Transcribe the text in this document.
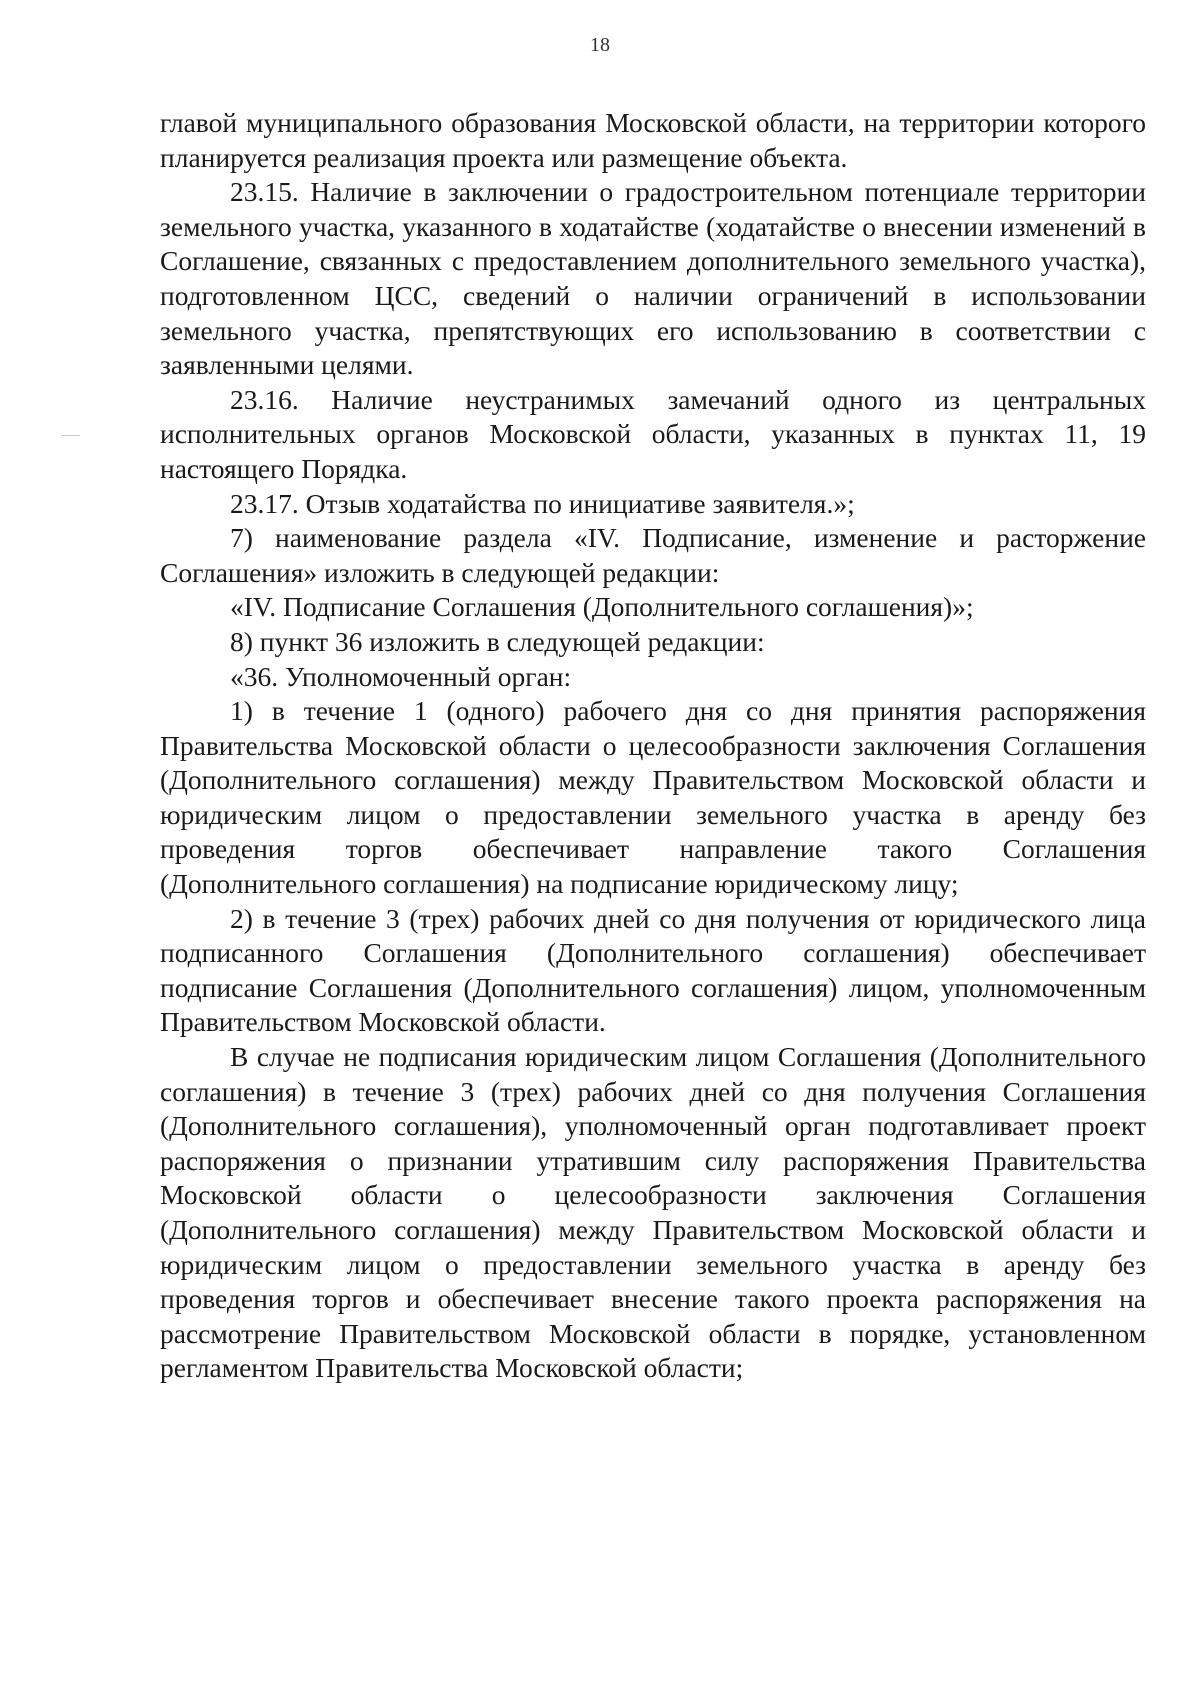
18

главой муниципального образования Московской области, на территории которого планируется реализация проекта или размещение объекта.

23.15. Наличие в заключении о градостроительном потенциале территории земельного участка, указанного в ходатайстве (ходатайстве о внесении изменений в Соглашение, связанных с предоставлением дополнительного земельного участка), подготовленном ЦСС, сведений о наличии ограничений в использовании земельного участка, препятствующих его использованию в соответствии с заявленными целями.

23.16. Наличие неустранимых замечаний одного из центральных исполнительных органов Московской области, указанных в пунктах 11, 19 настоящего Порядка.

23.17. Отзыв ходатайства по инициативе заявителя.»;

7) наименование раздела «IV. Подписание, изменение и расторжение Соглашения» изложить в следующей редакции:

«IV. Подписание Соглашения (Дополнительного соглашения)»;

8) пункт 36 изложить в следующей редакции:

«36. Уполномоченный орган:

1) в течение 1 (одного) рабочего дня со дня принятия распоряжения Правительства Московской области о целесообразности заключения Соглашения (Дополнительного соглашения) между Правительством Московской области и юридическим лицом о предоставлении земельного участка в аренду без проведения торгов обеспечивает направление такого Соглашения (Дополнительного соглашения) на подписание юридическому лицу;

2) в течение 3 (трех) рабочих дней со дня получения от юридического лица подписанного Соглашения (Дополнительного соглашения) обеспечивает подписание Соглашения (Дополнительного соглашения) лицом, уполномоченным Правительством Московской области.

В случае не подписания юридическим лицом Соглашения (Дополнительного соглашения) в течение 3 (трех) рабочих дней со дня получения Соглашения (Дополнительного соглашения), уполномоченный орган подготавливает проект распоряжения о признании утратившим силу распоряжения Правительства Московской области о целесообразности заключения Соглашения (Дополнительного соглашения) между Правительством Московской области и юридическим лицом о предоставлении земельного участка в аренду без проведения торгов и обеспечивает внесение такого проекта распоряжения на рассмотрение Правительством Московской области в порядке, установленном регламентом Правительства Московской области;
